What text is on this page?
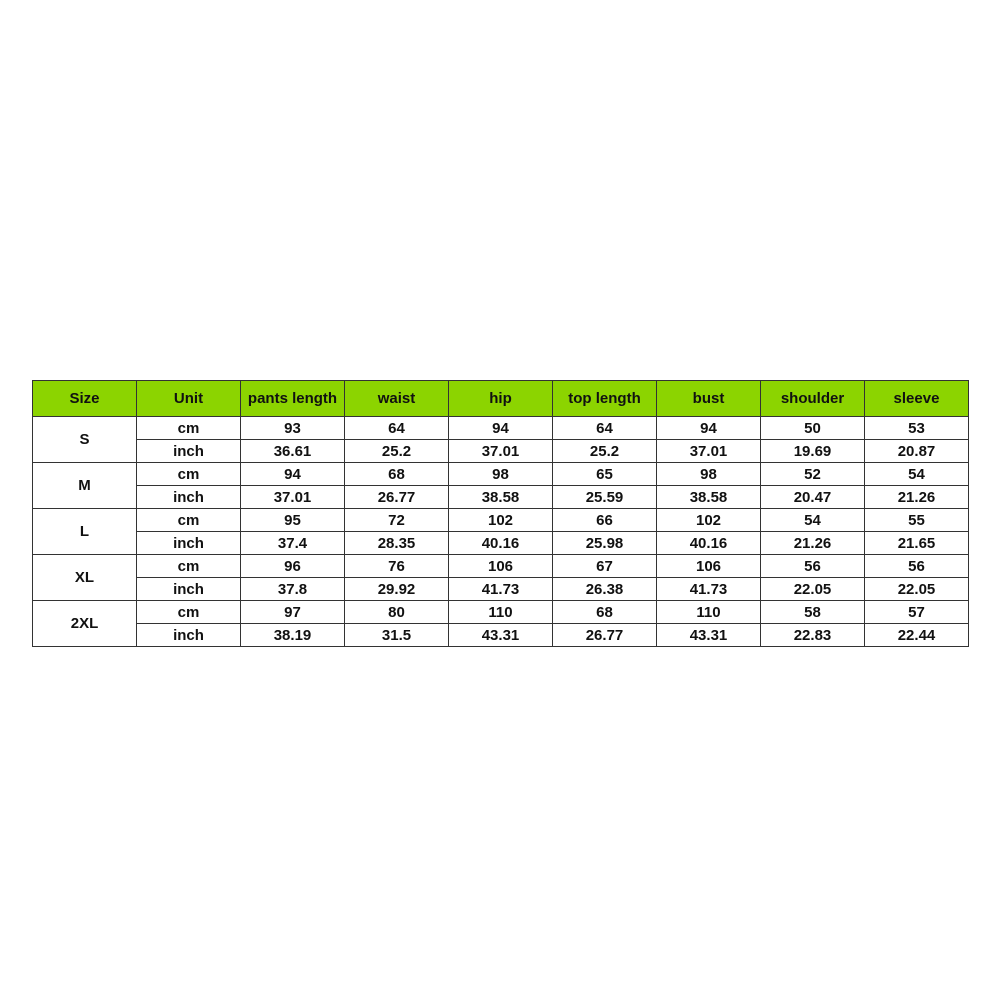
Size	Unit	pants length	waist	hip	top length	bust	shoulder	sleeve
S	cm	93	64	94	64	94	50	53
	inch	36.61	25.2	37.01	25.2	37.01	19.69	20.87
M	cm	94	68	98	65	98	52	54
	inch	37.01	26.77	38.58	25.59	38.58	20.47	21.26
L	cm	95	72	102	66	102	54	55
	inch	37.4	28.35	40.16	25.98	40.16	21.26	21.65
XL	cm	96	76	106	67	106	56	56
	inch	37.8	29.92	41.73	26.38	41.73	22.05	22.05
2XL	cm	97	80	110	68	110	58	57
	inch	38.19	31.5	43.31	26.77	43.31	22.83	22.44
